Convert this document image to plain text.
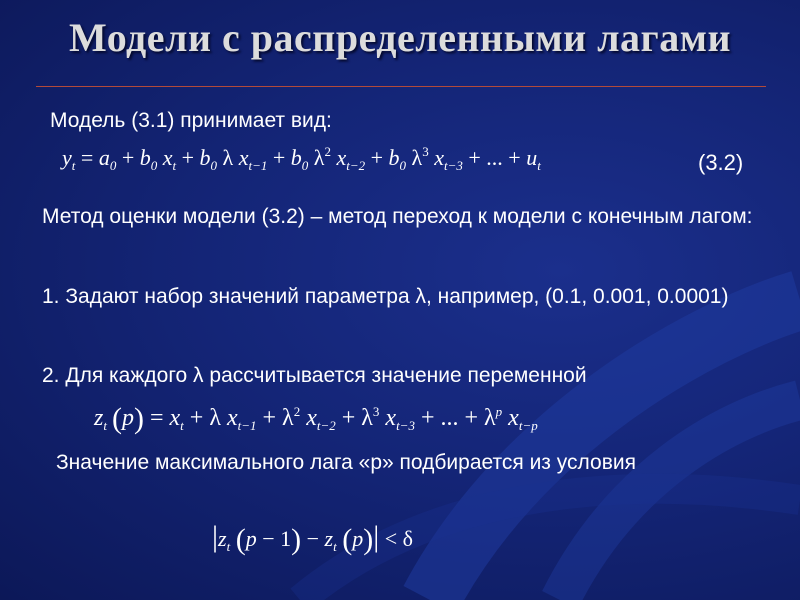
Модели с распределенными лагами
Модель (3.1) принимает вид:
$y_t = a_0 + b_0$ $x_t + b_0$ λ $x_{t-1} + b_0$ $\lambda^2$ $x_{t-2} + b_0$ $\lambda^3$ $x_{t-3}$ + ... + $u_t$	(3.2)
Метод оценки модели (3.2) – метод переход к модели с конечным лагом:
1. Задают набор значений параметра λ, например, (0.1, 0.001, 0.0001)
2. Для каждого λ рассчитывается значение переменной
$z_t$ $(p) = x_t + \lambda$ $x_{t-1} + \lambda^2$ $x_{t-2} + \lambda^3$ $x_{t-3}$ + ... + $\lambda^p$ $x_{t-p}$
Значение максимального лага «p» подбирается из условия
$|z_t$ $(p - 1) - z_t$ (p)| < δ
